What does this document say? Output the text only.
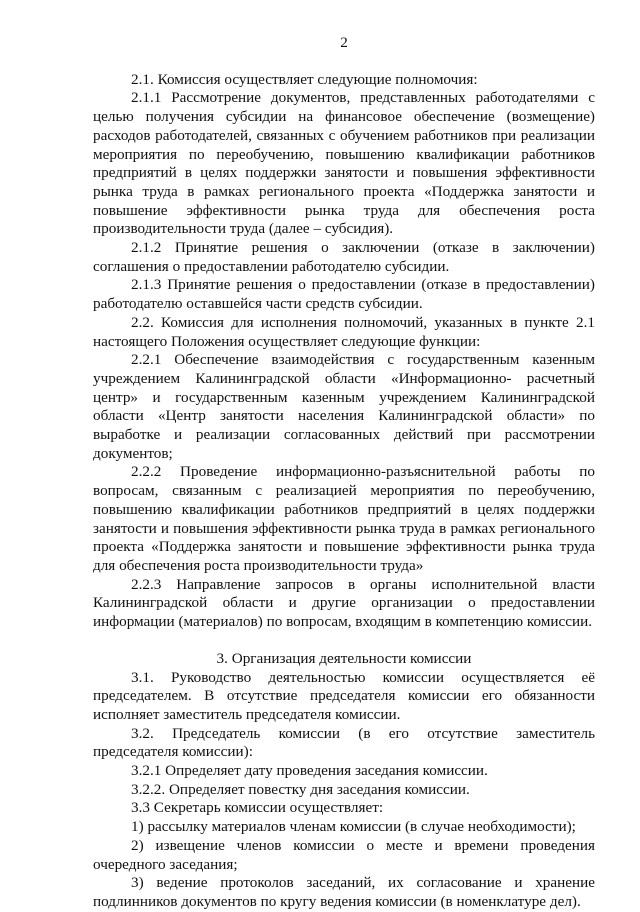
2

2.1. Комиссия осуществляет следующие полномочия:

2.1.1 Рассмотрение документов, представленных работодателями с целью получения субсидии на финансовое обеспечение (возмещение) расходов работодателей, связанных с обучением работников при реализации мероприятия по переобучению, повышению квалификации работников предприятий в целях поддержки занятости и повышения эффективности рынка труда в рамках регионального проекта «Поддержка занятости и повышение эффективности рынка труда для обеспечения роста производительности труда (далее – субсидия).

2.1.2 Принятие решения о заключении (отказе в заключении) соглашения о предоставлении работодателю субсидии.

2.1.3 Принятие решения о предоставлении (отказе в предоставлении) работодателю оставшейся части средств субсидии.

2.2. Комиссия для исполнения полномочий, указанных в пункте 2.1 настоящего Положения осуществляет следующие функции:

2.2.1 Обеспечение взаимодействия с государственным казенным учреждением Калининградской области «Информационно- расчетный центр» и государственным казенным учреждением Калининградской области «Центр занятости населения Калининградской области» по выработке и реализации согласованных действий при рассмотрении документов;

2.2.2 Проведение информационно-разъяснительной работы по вопросам, связанным с реализацией мероприятия по переобучению, повышению квалификации работников предприятий в целях поддержки занятости и повышения эффективности рынка труда в рамках регионального проекта «Поддержка занятости и повышение эффективности рынка труда для обеспечения роста производительности труда»

2.2.3 Направление запросов в органы исполнительной власти Калининградской области и другие организации о предоставлении информации (материалов) по вопросам, входящим в компетенцию комиссии.

3. Организация деятельности комиссии

3.1. Руководство деятельностью комиссии осуществляется её председателем. В отсутствие председателя комиссии его обязанности исполняет заместитель председателя комиссии.

3.2. Председатель комиссии (в его отсутствие заместитель председателя комиссии):

3.2.1 Определяет дату проведения заседания комиссии.

3.2.2. Определяет повестку дня заседания комиссии.

3.3 Секретарь комиссии осуществляет:

1) рассылку материалов членам комиссии (в случае необходимости);

2) извещение членов комиссии о месте и времени проведения очередного заседания;

3) ведение протоколов заседаний, их согласование и хранение подлинников документов по кругу ведения комиссии (в номенклатуре дел).
